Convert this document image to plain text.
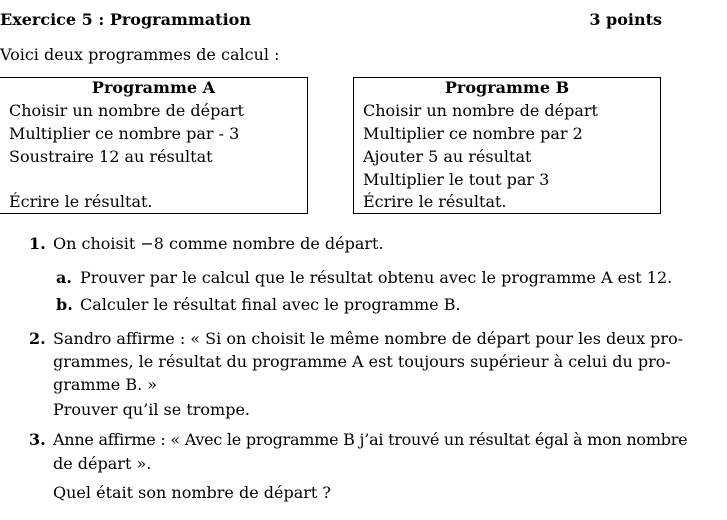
Exercice 5 : Programmation	3 points
Voici deux programmes de calcul :
Programme A
Choisir un nombre de départ
Multiplier ce nombre par - 3
Soustraire 12 au résultat
Écrire le résultat.
Programme B
Choisir un nombre de départ
Multiplier ce nombre par 2
Ajouter 5 au résultat
Multiplier le tout par 3
Écrire le résultat.
1. On choisit −8 comme nombre de départ.
a. Prouver par le calcul que le résultat obtenu avec le programme A est 12.
b. Calculer le résultat final avec le programme B.
2. Sandro affirme : « Si on choisit le même nombre de départ pour les deux pro-
grammes, le résultat du programme A est toujours supérieur à celui du pro-
gramme B. »
Prouver qu’il se trompe.
3. Anne affirme : « Avec le programme B j’ai trouvé un résultat égal à mon nombre
de départ ».
Quel était son nombre de départ ?
